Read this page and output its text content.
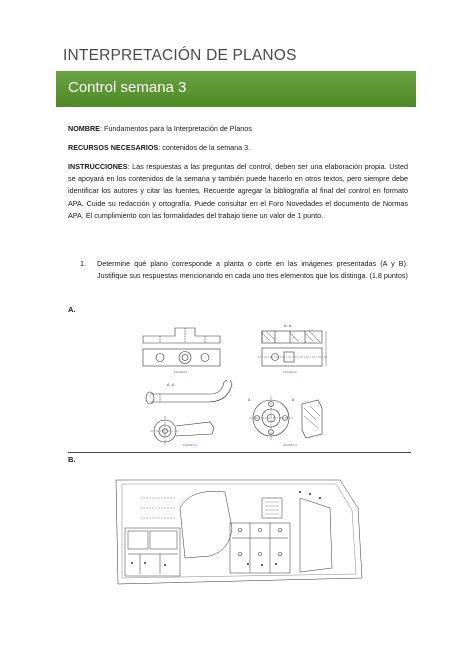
INTERPRETACIÓN DE PLANOS
Control semana 3
NOMBRE: Fundamentos para la Interpretación de Planos
RECURSOS NECESARIOS: contenidos de la semana 3.
INSTRUCCIONES: Las respuestas a las preguntas del control, deben ser una elaboración propia. Usted se apoyará en los contenidos de la semana y también puede hacerlo en otros textos, pero siempre debe identificar los autores y citar las fuentes. Recuerde agregar la bibliografía al final del control en formato APA. Cuide su redacción y ortografía. Puede consultar en el Foro Novedades el documento de Normas APA. El cumplimiento con las formalidades del trabajo tiene un valor de 1 punto.
1. Determine qué plano corresponde a planta o corte en las imágenes presentadas (A y B). Justifique sus respuestas mencionando en cada uno tres elementos que los distinga. (1,8 puntos)
A.
FIGURA 1	FIGURA 2
FIGURA 3	FIGURA 4
A - A
A - A
A	A
B.
